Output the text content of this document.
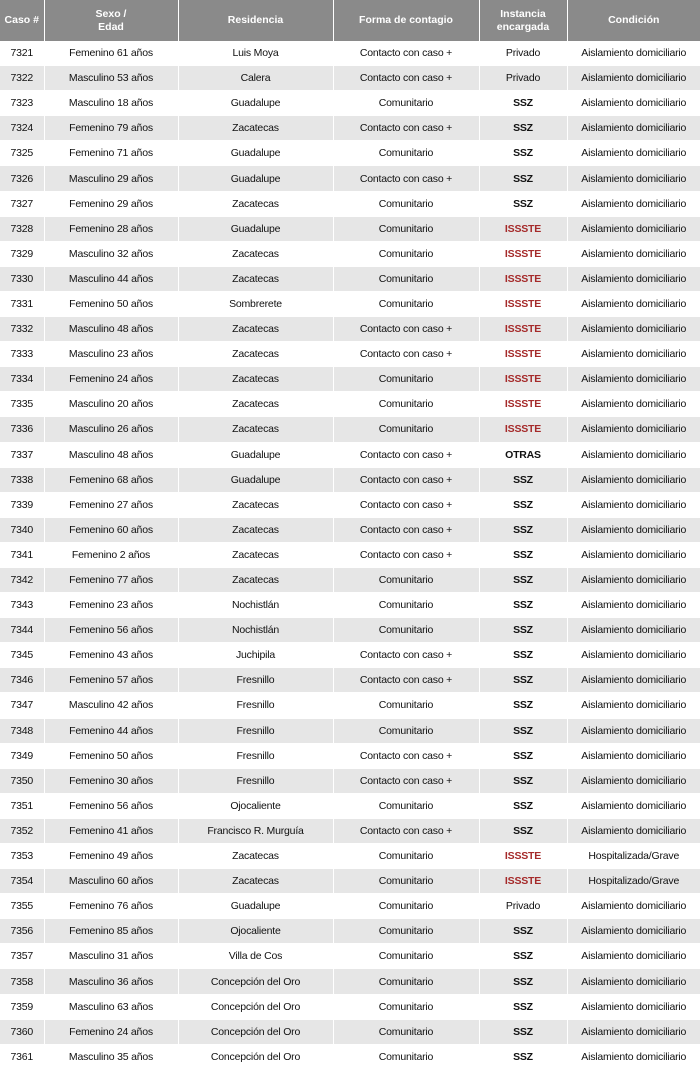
Caso #	Sexo /
Edad	Residencia	Forma de contagio	Instancia
encargada	Condición
7321	Femenino 61 años	Luis Moya	Contacto con caso +	Privado	Aislamiento domiciliario
7322	Masculino 53 años	Calera	Contacto con caso +	Privado	Aislamiento domiciliario
7323	Masculino 18 años	Guadalupe	Comunitario	SSZ	Aislamiento domiciliario
7324	Femenino 79 años	Zacatecas	Contacto con caso +	SSZ	Aislamiento domiciliario
7325	Femenino 71 años	Guadalupe	Comunitario	SSZ	Aislamiento domiciliario
7326	Masculino 29 años	Guadalupe	Contacto con caso +	SSZ	Aislamiento domiciliario
7327	Femenino 29 años	Zacatecas	Comunitario	SSZ	Aislamiento domiciliario
7328	Femenino 28 años	Guadalupe	Comunitario	ISSSTE	Aislamiento domiciliario
7329	Masculino 32 años	Zacatecas	Comunitario	ISSSTE	Aislamiento domiciliario
7330	Masculino 44 años	Zacatecas	Comunitario	ISSSTE	Aislamiento domiciliario
7331	Femenino 50 años	Sombrerete	Comunitario	ISSSTE	Aislamiento domiciliario
7332	Masculino 48 años	Zacatecas	Contacto con caso +	ISSSTE	Aislamiento domiciliario
7333	Masculino 23 años	Zacatecas	Contacto con caso +	ISSSTE	Aislamiento domiciliario
7334	Femenino 24 años	Zacatecas	Comunitario	ISSSTE	Aislamiento domiciliario
7335	Masculino 20 años	Zacatecas	Comunitario	ISSSTE	Aislamiento domiciliario
7336	Masculino 26 años	Zacatecas	Comunitario	ISSSTE	Aislamiento domiciliario
7337	Masculino 48 años	Guadalupe	Contacto con caso +	OTRAS	Aislamiento domiciliario
7338	Femenino 68 años	Guadalupe	Contacto con caso +	SSZ	Aislamiento domiciliario
7339	Femenino 27 años	Zacatecas	Contacto con caso +	SSZ	Aislamiento domiciliario
7340	Femenino 60 años	Zacatecas	Contacto con caso +	SSZ	Aislamiento domiciliario
7341	Femenino 2 años	Zacatecas	Contacto con caso +	SSZ	Aislamiento domiciliario
7342	Femenino 77 años	Zacatecas	Comunitario	SSZ	Aislamiento domiciliario
7343	Femenino 23 años	Nochistlán	Comunitario	SSZ	Aislamiento domiciliario
7344	Femenino 56 años	Nochistlán	Comunitario	SSZ	Aislamiento domiciliario
7345	Femenino 43 años	Juchipila	Contacto con caso +	SSZ	Aislamiento domiciliario
7346	Femenino 57 años	Fresnillo	Contacto con caso +	SSZ	Aislamiento domiciliario
7347	Masculino 42 años	Fresnillo	Comunitario	SSZ	Aislamiento domiciliario
7348	Femenino 44 años	Fresnillo	Comunitario	SSZ	Aislamiento domiciliario
7349	Femenino 50 años	Fresnillo	Contacto con caso +	SSZ	Aislamiento domiciliario
7350	Femenino 30 años	Fresnillo	Contacto con caso +	SSZ	Aislamiento domiciliario
7351	Femenino 56 años	Ojocaliente	Comunitario	SSZ	Aislamiento domiciliario
7352	Femenino 41 años	Francisco R. Murguía	Contacto con caso +	SSZ	Aislamiento domiciliario
7353	Femenino 49 años	Zacatecas	Comunitario	ISSSTE	Hospitalizada/Grave
7354	Masculino 60 años	Zacatecas	Comunitario	ISSSTE	Hospitalizado/Grave
7355	Femenino 76 años	Guadalupe	Comunitario	Privado	Aislamiento domiciliario
7356	Femenino 85 años	Ojocaliente	Comunitario	SSZ	Aislamiento domiciliario
7357	Masculino 31 años	Villa de Cos	Comunitario	SSZ	Aislamiento domiciliario
7358	Masculino 36 años	Concepción del Oro	Comunitario	SSZ	Aislamiento domiciliario
7359	Masculino 63 años	Concepción del Oro	Comunitario	SSZ	Aislamiento domiciliario
7360	Femenino 24 años	Concepción del Oro	Comunitario	SSZ	Aislamiento domiciliario
7361	Masculino 35 años	Concepción del Oro	Comunitario	SSZ	Aislamiento domiciliario
